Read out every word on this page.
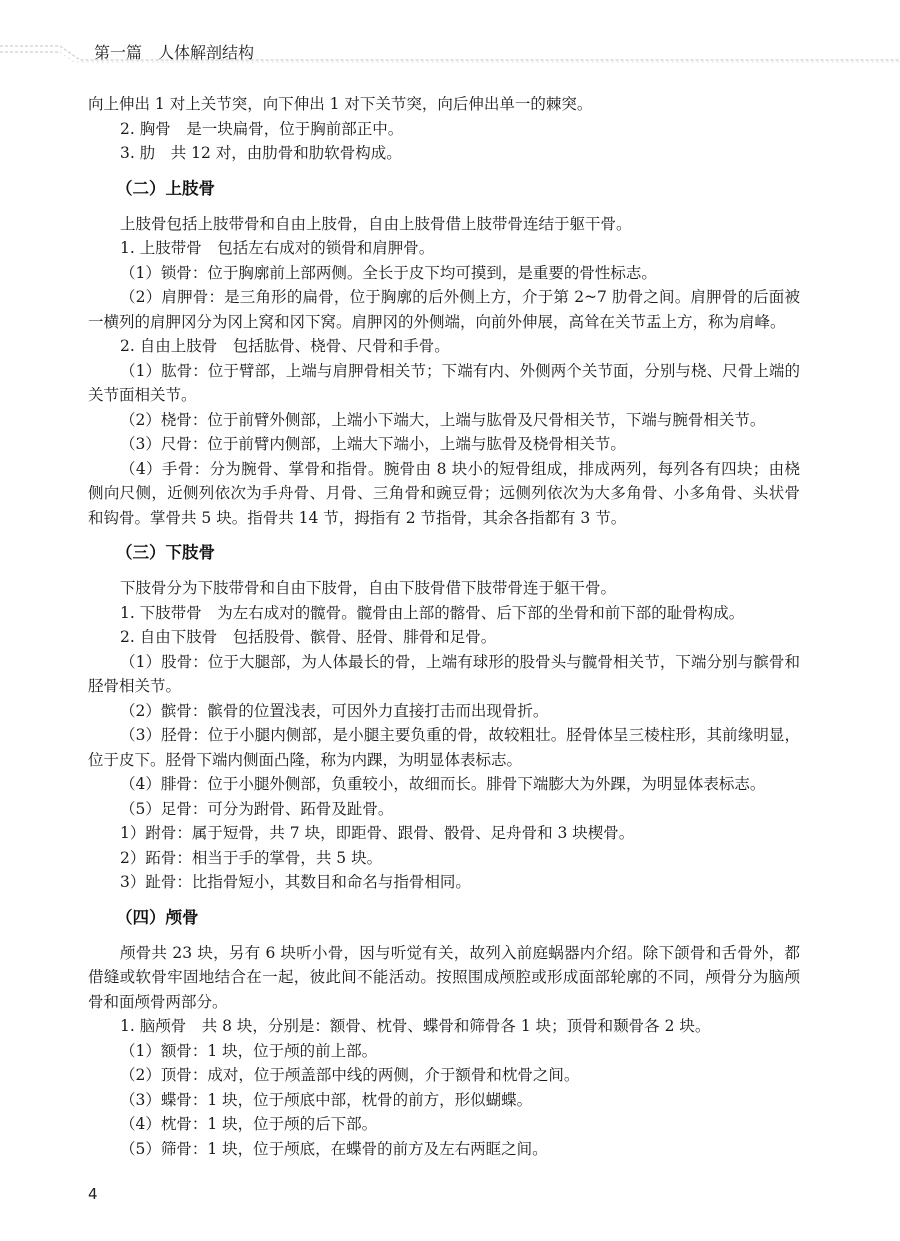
第一篇　人体解剖结构

向上伸出 1 对上关节突，向下伸出 1 对下关节突，向后伸出单一的棘突。

2. 胸骨　是一块扁骨，位于胸前部正中。

3. 肋　共 12 对，由肋骨和肋软骨构成。

（二）上肢骨

上肢骨包括上肢带骨和自由上肢骨，自由上肢骨借上肢带骨连结于躯干骨。

1. 上肢带骨　包括左右成对的锁骨和肩胛骨。

（1）锁骨：位于胸廓前上部两侧。全长于皮下均可摸到，是重要的骨性标志。

（2）肩胛骨：是三角形的扁骨，位于胸廓的后外侧上方，介于第 2~7 肋骨之间。肩胛骨的后面被一横列的肩胛冈分为冈上窝和冈下窝。肩胛冈的外侧端，向前外伸展，高耸在关节盂上方，称为肩峰。

2. 自由上肢骨　包括肱骨、桡骨、尺骨和手骨。

（1）肱骨：位于臂部，上端与肩胛骨相关节；下端有内、外侧两个关节面，分别与桡、尺骨上端的关节面相关节。

（2）桡骨：位于前臂外侧部，上端小下端大，上端与肱骨及尺骨相关节，下端与腕骨相关节。

（3）尺骨：位于前臂内侧部，上端大下端小，上端与肱骨及桡骨相关节。

（4）手骨：分为腕骨、掌骨和指骨。腕骨由 8 块小的短骨组成，排成两列，每列各有四块；由桡侧向尺侧，近侧列依次为手舟骨、月骨、三角骨和豌豆骨；远侧列依次为大多角骨、小多角骨、头状骨和钩骨。掌骨共 5 块。指骨共 14 节，拇指有 2 节指骨，其余各指都有 3 节。

（三）下肢骨

下肢骨分为下肢带骨和自由下肢骨，自由下肢骨借下肢带骨连于躯干骨。

1. 下肢带骨　为左右成对的髋骨。髋骨由上部的髂骨、后下部的坐骨和前下部的耻骨构成。

2. 自由下肢骨　包括股骨、髌骨、胫骨、腓骨和足骨。

（1）股骨：位于大腿部，为人体最长的骨，上端有球形的股骨头与髋骨相关节，下端分别与髌骨和胫骨相关节。

（2）髌骨：髌骨的位置浅表，可因外力直接打击而出现骨折。

（3）胫骨：位于小腿内侧部，是小腿主要负重的骨，故较粗壮。胫骨体呈三棱柱形，其前缘明显，位于皮下。胫骨下端内侧面凸隆，称为内踝，为明显体表标志。

（4）腓骨：位于小腿外侧部，负重较小，故细而长。腓骨下端膨大为外踝，为明显体表标志。

（5）足骨：可分为跗骨、跖骨及趾骨。

1）跗骨：属于短骨，共 7 块，即距骨、跟骨、骰骨、足舟骨和 3 块楔骨。

2）跖骨：相当于手的掌骨，共 5 块。

3）趾骨：比指骨短小，其数目和命名与指骨相同。

（四）颅骨

颅骨共 23 块，另有 6 块听小骨，因与听觉有关，故列入前庭蜗器内介绍。除下颌骨和舌骨外，都借缝或软骨牢固地结合在一起，彼此间不能活动。按照围成颅腔或形成面部轮廓的不同，颅骨分为脑颅骨和面颅骨两部分。

1. 脑颅骨　共 8 块，分别是：额骨、枕骨、蝶骨和筛骨各 1 块；顶骨和颞骨各 2 块。

（1）额骨：1 块，位于颅的前上部。

（2）顶骨：成对，位于颅盖部中线的两侧，介于额骨和枕骨之间。

（3）蝶骨：1 块，位于颅底中部，枕骨的前方，形似蝴蝶。

（4）枕骨：1 块，位于颅的后下部。

（5）筛骨：1 块，位于颅底，在蝶骨的前方及左右两眶之间。

4
